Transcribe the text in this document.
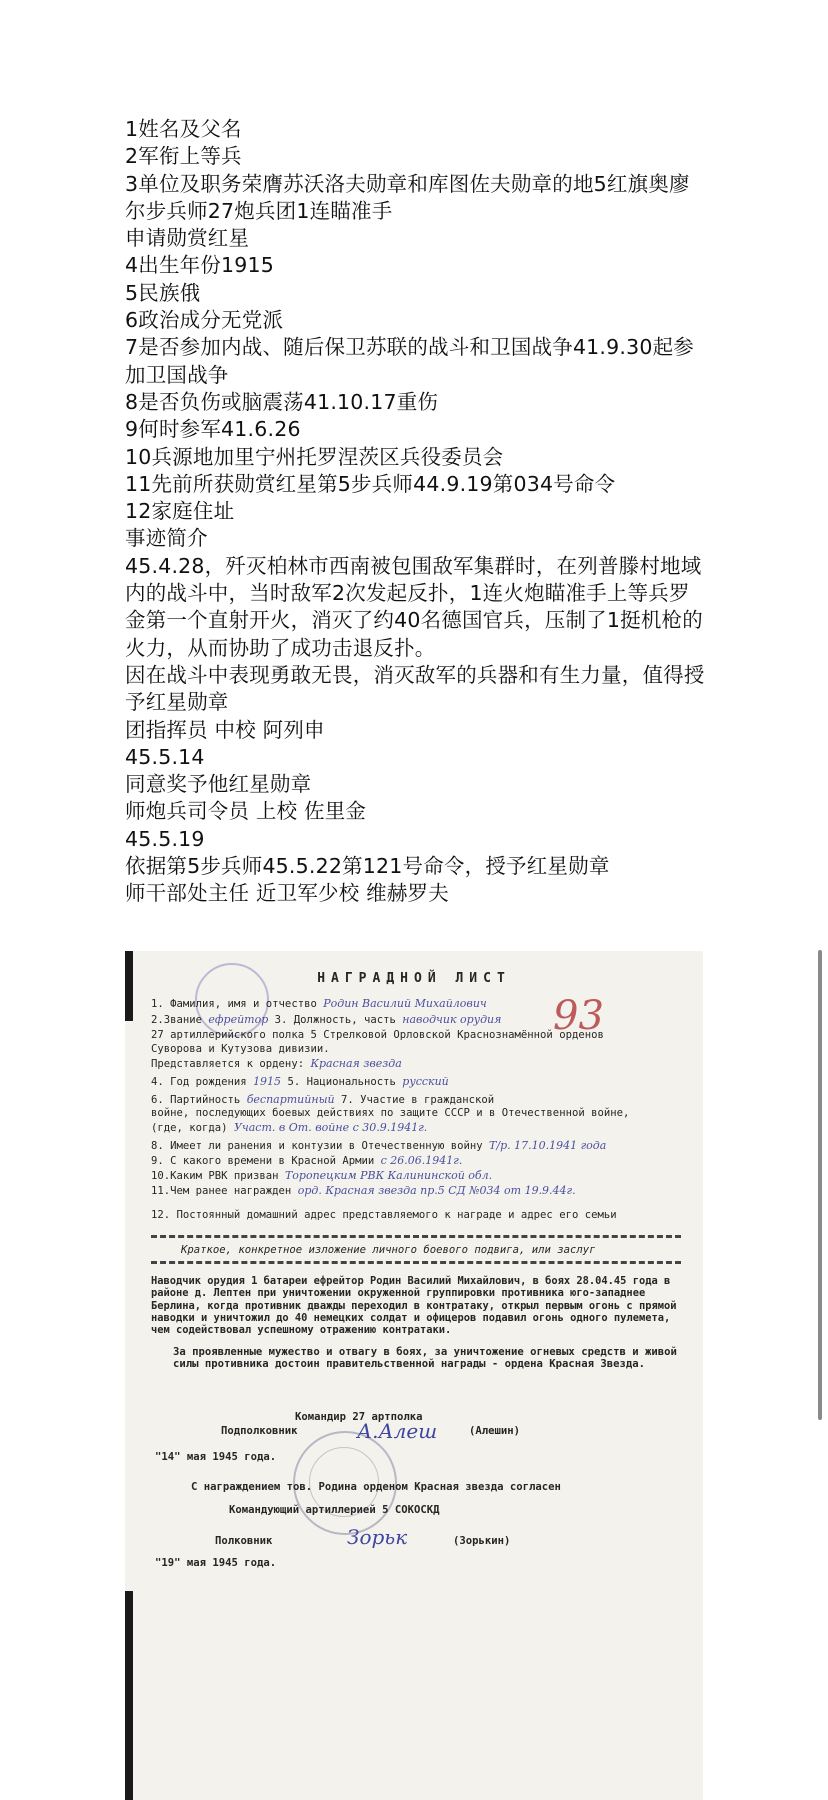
1姓名及父名

2军衔上等兵

3单位及职务荣膺苏沃洛夫勋章和库图佐夫勋章的地5红旗奥廖尔步兵师27炮兵团1连瞄准手

申请勋赏红星

4出生年份1915

5民族俄

6政治成分无党派

7是否参加内战、随后保卫苏联的战斗和卫国战争41.9.30起参加卫国战争

8是否负伤或脑震荡41.10.17重伤

9何时参军41.6.26

10兵源地加里宁州托罗涅茨区兵役委员会

11先前所获勋赏红星第5步兵师44.9.19第034号命令

12家庭住址

事迹简介

45.4.28，歼灭柏林市西南被包围敌军集群时，在列普滕村地域内的战斗中，当时敌军2次发起反扑，1连火炮瞄准手上等兵罗金第一个直射开火，消灭了约40名德国官兵，压制了1挺机枪的火力，从而协助了成功击退反扑。

因在战斗中表现勇敢无畏，消灭敌军的兵器和有生力量，值得授予红星勋章

团指挥员 中校 阿列申

45.5.14

同意奖予他红星勋章

师炮兵司令员 上校 佐里金

45.5.19

依据第5步兵师45.5.22第121号命令，授予红星勋章

师干部处主任 近卫军少校 维赫罗夫

93
НАГРАДНОЙ ЛИСТ
1. Фамилия, имя и отчество Родин Василий Михайлович
2.Звание ефрейтор 3. Должность, часть наводчик орудия
27 артиллерийского полка 5 Стрелковой Орловской Краснознамённой орденов
Суворова и Кутузова дивизии.
Представляется к ордену: Красная звезда
4. Год рождения 1915 5. Национальность русский
6. Партийность беспартийный 7. Участие в гражданской
войне, последующих боевых действиях по защите СССР и в Отечественной войне,
(где, когда) Участ. в От. войне с 30.9.1941г.
8. Имеет ли ранения и контузии в Отечественную войну Т/р. 17.10.1941 года
9. С какого времени в Красной Армии с 26.06.1941г.
10.Каким РВК призван Торопецким РВК Калининской обл.
11.Чем ранее награжден орд. Красная звезда пр.5 СД №034 от 19.9.44г.
12. Постоянный домашний адрес представляемого к награде и адрес его семьи
Краткое, конкретное изложение личного боевого подвига, или заслуг
Наводчик орудия 1 батареи ефрейтор Родин Василий Михайлович, в боях 28.04.45 года в районе д. Лептен при уничтожении окруженной группировки противника юго-западнее Берлина, когда противник дважды переходил в контратаку, открыл первым огонь с прямой наводки и уничтожил до 40 немецких солдат и офицеров подавил огонь одного пулемета, чем содействовал успешному отражению контратаки.
За проявленные мужество и отвагу в боях, за уничтожение огневых средств и живой силы противника достоин правительственной награды - ордена Красная Звезда.
Командир 27 артполка
Подполковник	А.Алеш	(Алешин)
"14" мая 1945 года.
С награждением тов. Родина орденом Красная звезда согласен
Командующий артиллерией 5 СОКОСКД
Полковник	Зорьк	(Зорькин)
"19" мая 1945 года.
